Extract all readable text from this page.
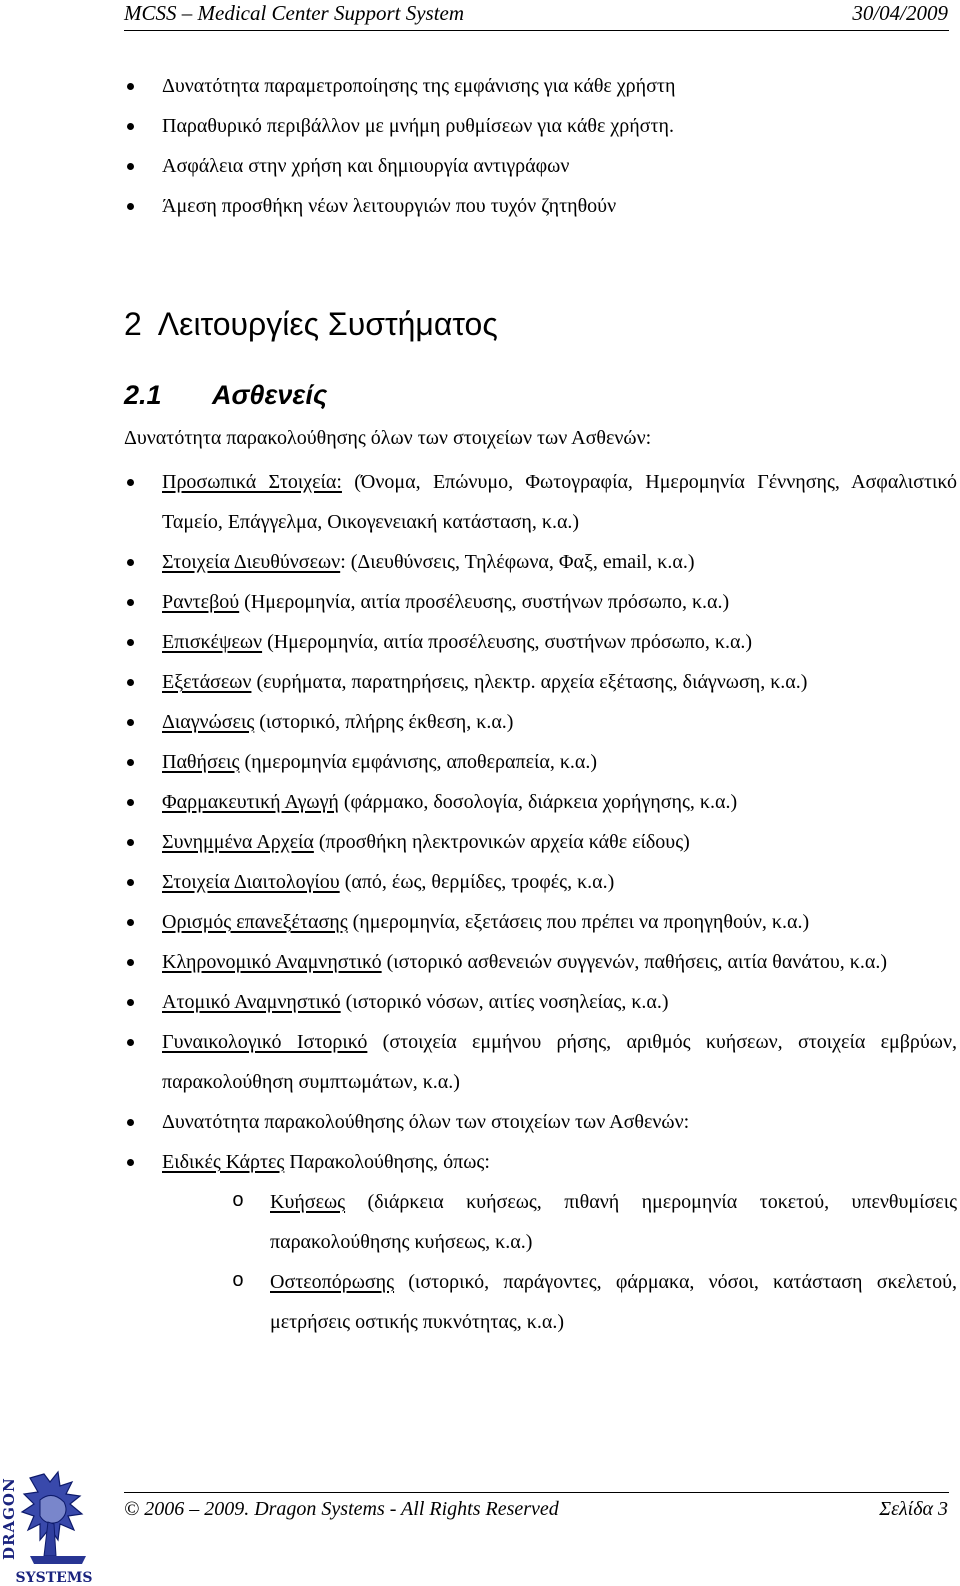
MCSS – Medical Center Support System	30/04/2009
Δυνατότητα παραμετροποίησης της εμφάνισης για κάθε χρήστη
Παραθυρικό περιβάλλον με μνήμη ρυθμίσεων για κάθε χρήστη.
Ασφάλεια στην χρήση και δημιουργία αντιγράφων
Άμεση προσθήκη νέων λειτουργιών που τυχόν ζητηθούν
2 Λειτουργίες Συστήματος
2.1 Ασθενείς

Δυνατότητα παρακολούθησης όλων των στοιχείων των Ασθενών:

Προσωπικά Στοιχεία: (Όνομα, Επώνυμο, Φωτογραφία, Ημερομηνία Γέννησης, Ασφαλιστικό Ταμείο, Επάγγελμα, Οικογενειακή κατάσταση, κ.α.)
Στοιχεία Διευθύνσεων: (Διευθύνσεις, Τηλέφωνα, Φαξ, email, κ.α.)
Ραντεβού (Ημερομηνία, αιτία προσέλευσης, συστήνων πρόσωπο, κ.α.)
Επισκέψεων (Ημερομηνία, αιτία προσέλευσης, συστήνων πρόσωπο, κ.α.)
Εξετάσεων (ευρήματα, παρατηρήσεις, ηλεκτρ. αρχεία εξέτασης, διάγνωση, κ.α.)
Διαγνώσεις (ιστορικό, πλήρης έκθεση, κ.α.)
Παθήσεις (ημερομηνία εμφάνισης, αποθεραπεία, κ.α.)
Φαρμακευτική Αγωγή (φάρμακο, δοσολογία, διάρκεια χορήγησης, κ.α.)
Συνημμένα Αρχεία (προσθήκη ηλεκτρονικών αρχεία κάθε είδους)
Στοιχεία Διαιτολογίου (από, έως, θερμίδες, τροφές, κ.α.)
Ορισμός επανεξέτασης (ημερομηνία, εξετάσεις που πρέπει να προηγηθούν, κ.α.)
Κληρονομικό Αναμνηστικό (ιστορικό ασθενειών συγγενών, παθήσεις, αιτία θανάτου, κ.α.)
Ατομικό Αναμνηστικό (ιστορικό νόσων, αιτίες νοσηλείας, κ.α.)
Γυναικολογικό Ιστορικό (στοιχεία εμμήνου ρήσης, αριθμός κυήσεων, στοιχεία εμβρύων, παρακολούθηση συμπτωμάτων, κ.α.)
Δυνατότητα παρακολούθησης όλων των στοιχείων των Ασθενών:
Ειδικές Κάρτες Παρακολούθησης, όπως:
o Κυήσεως (διάρκεια κυήσεως, πιθανή ημερομηνία τοκετού, υπενθυμίσεις παρακολούθησης κυήσεως, κ.α.)
o Οστεοπόρωσης (ιστορικό, παράγοντες, φάρμακα, νόσοι, κατάσταση σκελετού, μετρήσεις οστικής πυκνότητας, κ.α.)
DRAGON
SYSTEMS
© 2006 – 2009. Dragon Systems - All Rights Reserved	Σελίδα 3
